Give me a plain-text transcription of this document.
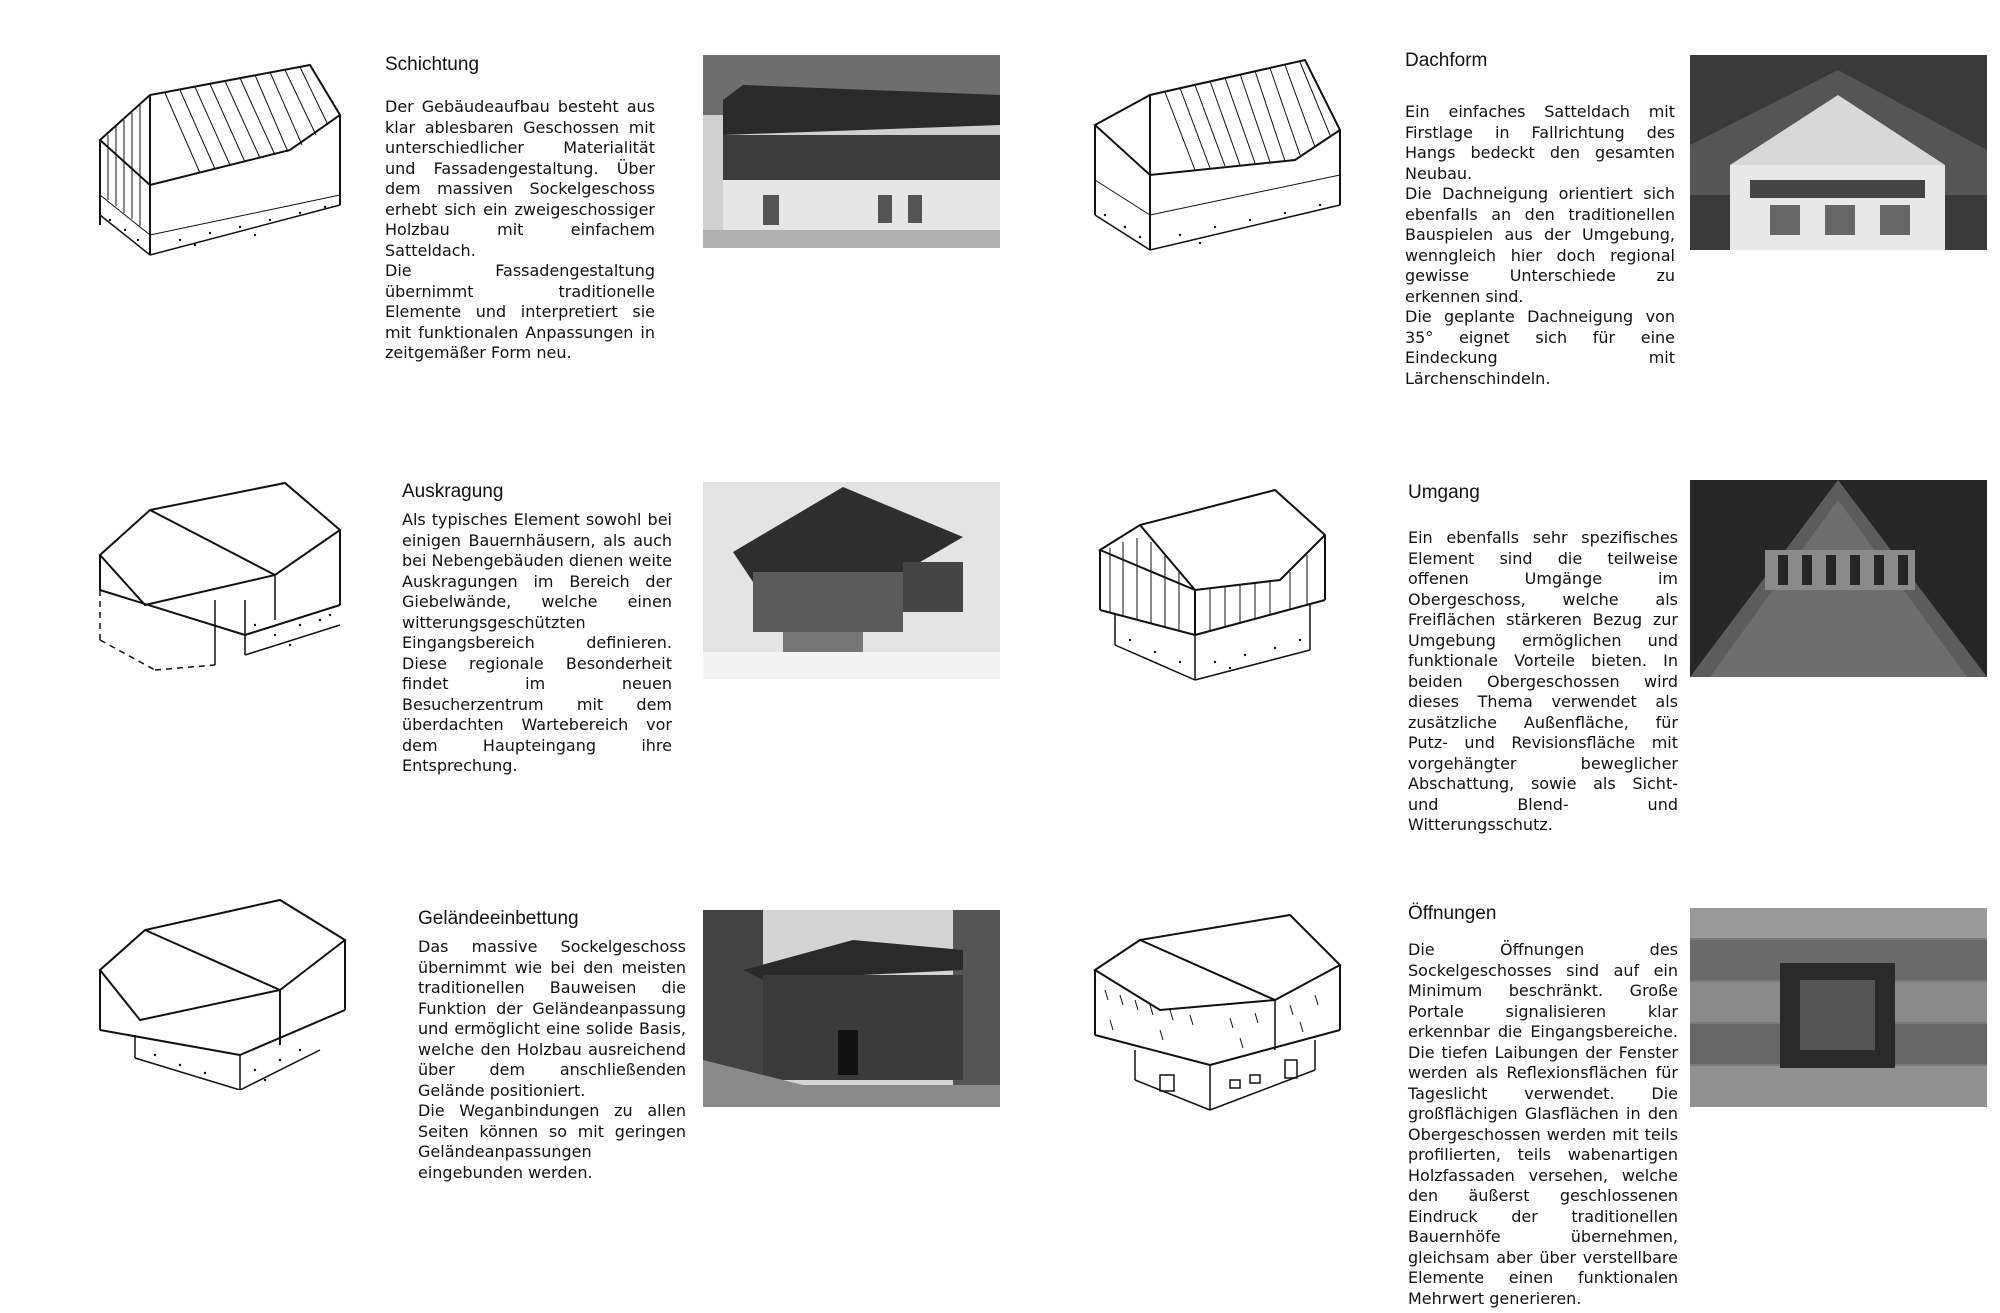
Schichtung
Der Gebäudeaufbau besteht aus klar ablesbaren Geschossen mit unterschiedlicher Materialität und Fassadengestaltung. Über dem massiven Sockelgeschoss erhebt sich ein zweigeschossiger Holzbau mit einfachem Satteldach.
Die Fassadengestaltung übernimmt traditionelle Elemente und interpretiert sie mit funktionalen Anpassungen in zeitgemäßer Form neu.
Dachform
Ein einfaches Satteldach mit Firstlage in Fallrichtung des Hangs bedeckt den gesamten Neubau.
Die Dachneigung orientiert sich ebenfalls an den traditionellen Bauspielen aus der Umgebung, wenngleich hier doch regional gewisse Unterschiede zu erkennen sind.
Die geplante Dachneigung von 35° eignet sich für eine Eindeckung mit Lärchenschindeln.
Auskragung
Als typisches Element sowohl bei einigen Bauernhäusern, als auch bei Nebengebäuden dienen weite Auskragungen im Bereich der Giebelwände, welche einen witterungsgeschützten Eingangsbereich definieren. Diese regionale Besonderheit findet im neuen Besucherzentrum mit dem überdachten Wartebereich vor dem Haupteingang ihre Entsprechung.
Umgang
Ein ebenfalls sehr spezifisches Element sind die teilweise offenen Umgänge im Obergeschoss, welche als Freiflächen stärkeren Bezug zur Umgebung ermöglichen und funktionale Vorteile bieten. In beiden Obergeschossen wird dieses Thema verwendet als zusätzliche Außenfläche, für Putz- und Revisionsfläche mit vorgehängter beweglicher Abschattung, sowie als Sicht- und Blend- und Witterungsschutz.
Geländeeinbettung
Das massive Sockelgeschoss übernimmt wie bei den meisten traditionellen Bauweisen die Funktion der Geländeanpassung und ermöglicht eine solide Basis, welche den Holzbau ausreichend über dem anschließenden Gelände positioniert.
Die Weganbindungen zu allen Seiten können so mit geringen Geländeanpassungen eingebunden werden.
Öffnungen
Die Öffnungen des Sockelgeschosses sind auf ein Minimum beschränkt. Große Portale signalisieren klar erkennbar die Eingangsbereiche. Die tiefen Laibungen der Fenster werden als Reflexionsflächen für Tageslicht verwendet. Die großflächigen Glasflächen in den Obergeschossen werden mit teils profilierten, teils wabenartigen Holzfassaden versehen, welche den äußerst geschlossenen Eindruck der traditionellen Bauernhöfe übernehmen, gleichsam aber über verstellbare Elemente einen funktionalen Mehrwert generieren.
